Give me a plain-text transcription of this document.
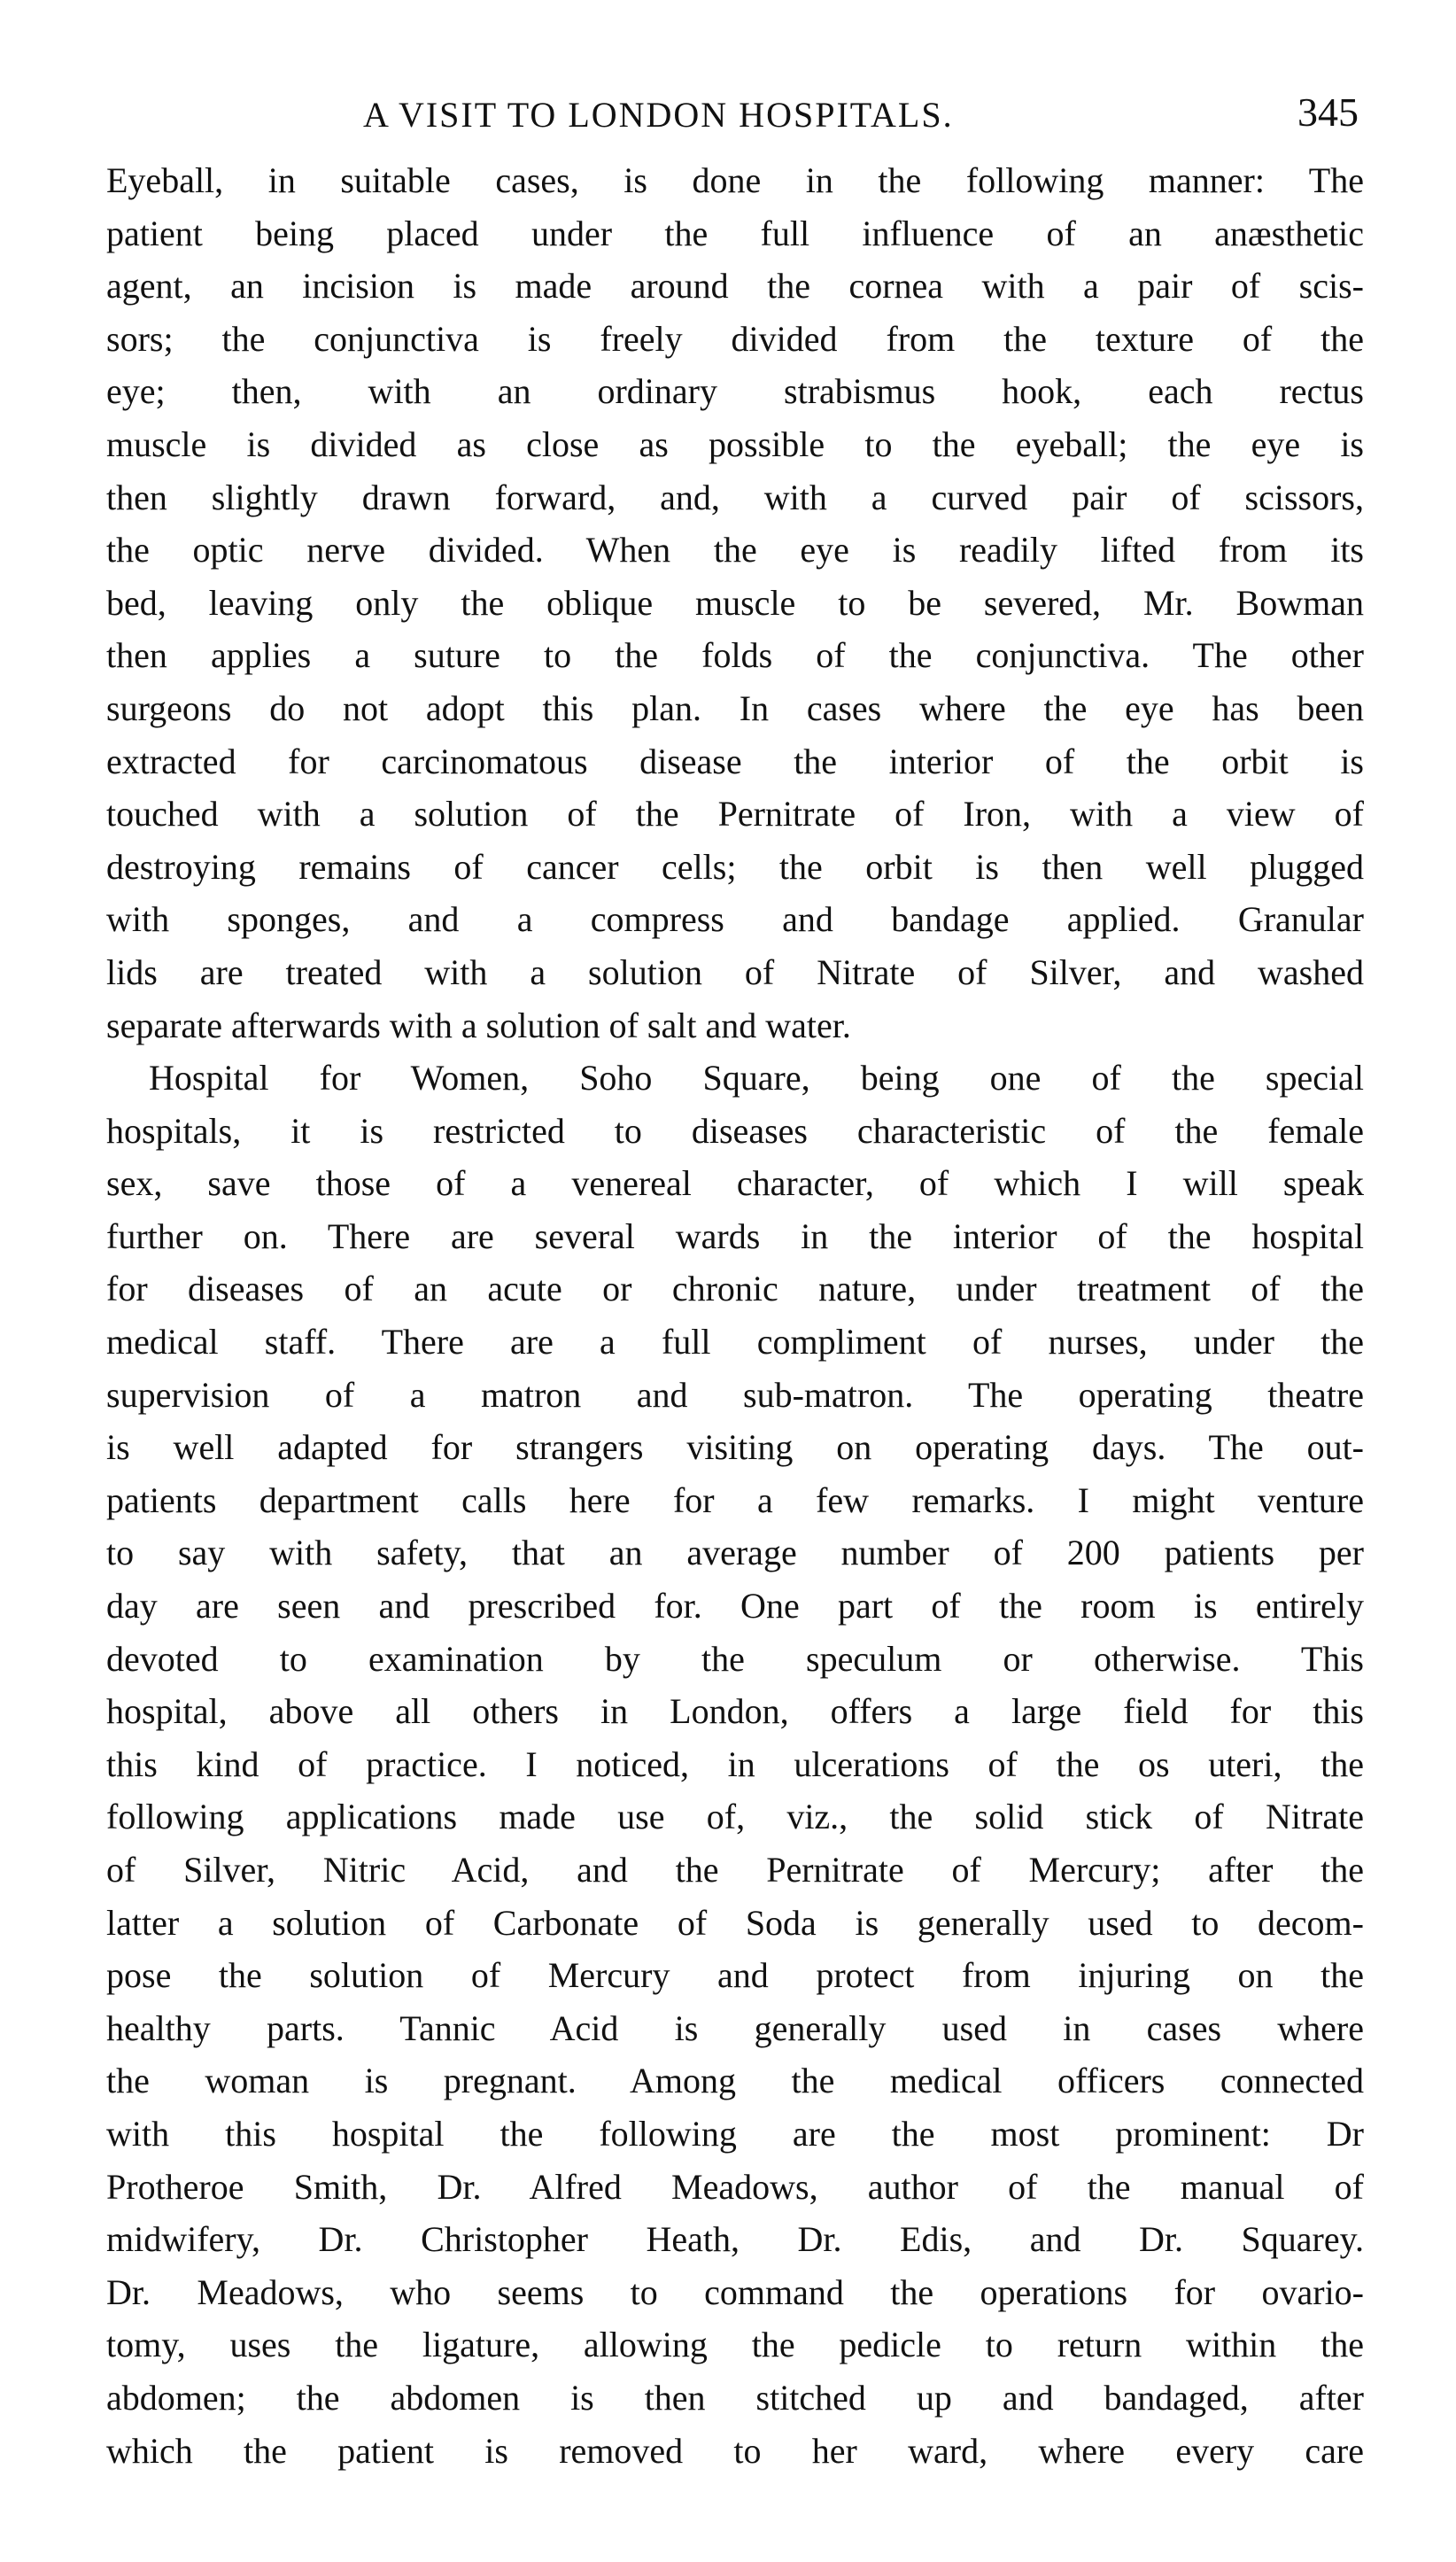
A VISIT TO LONDON HOSPITALS.	345
Eyeball, in suitable cases, is done in the following manner: The
patient being placed under the full influence of an anæsthetic
agent, an incision is made around the cornea with a pair of scis-
sors; the conjunctiva is freely divided from the texture of the
eye; then, with an ordinary strabismus hook, each rectus
muscle is divided as close as possible to the eyeball; the eye is
then slightly drawn forward, and, with a curved pair of scissors,
the optic nerve divided. When the eye is readily lifted from its
bed, leaving only the oblique muscle to be severed, Mr. Bowman
then applies a suture to the folds of the conjunctiva. The other
surgeons do not adopt this plan. In cases where the eye has been
extracted for carcinomatous disease the interior of the orbit is
touched with a solution of the Pernitrate of Iron, with a view of
destroying remains of cancer cells; the orbit is then well plugged
with sponges, and a compress and bandage applied. Granular
lids are treated with a solution of Nitrate of Silver, and washed
separate afterwards with a solution of salt and water.
Hospital for Women, Soho Square, being one of the special
hospitals, it is restricted to diseases characteristic of the female
sex, save those of a venereal character, of which I will speak
further on. There are several wards in the interior of the hospital
for diseases of an acute or chronic nature, under treatment of the
medical staff. There are a full compliment of nurses, under the
supervision of a matron and sub-matron. The operating theatre
is well adapted for strangers visiting on operating days. The out-
patients department calls here for a few remarks. I might venture
to say with safety, that an average number of 200 patients per
day are seen and prescribed for. One part of the room is entirely
devoted to examination by the speculum or otherwise. This
hospital, above all others in London, offers a large field for this
this kind of practice. I noticed, in ulcerations of the os uteri, the
following applications made use of, viz., the solid stick of Nitrate
of Silver, Nitric Acid, and the Pernitrate of Mercury; after the
latter a solution of Carbonate of Soda is generally used to decom-
pose the solution of Mercury and protect from injuring on the
healthy parts. Tannic Acid is generally used in cases where
the woman is pregnant. Among the medical officers connected
with this hospital the following are the most prominent: Dr
Protheroe Smith, Dr. Alfred Meadows, author of the manual of
midwifery, Dr. Christopher Heath, Dr. Edis, and Dr. Squarey.
Dr. Meadows, who seems to command the operations for ovario-
tomy, uses the ligature, allowing the pedicle to return within the
abdomen; the abdomen is then stitched up and bandaged, after
which the patient is removed to her ward, where every care
